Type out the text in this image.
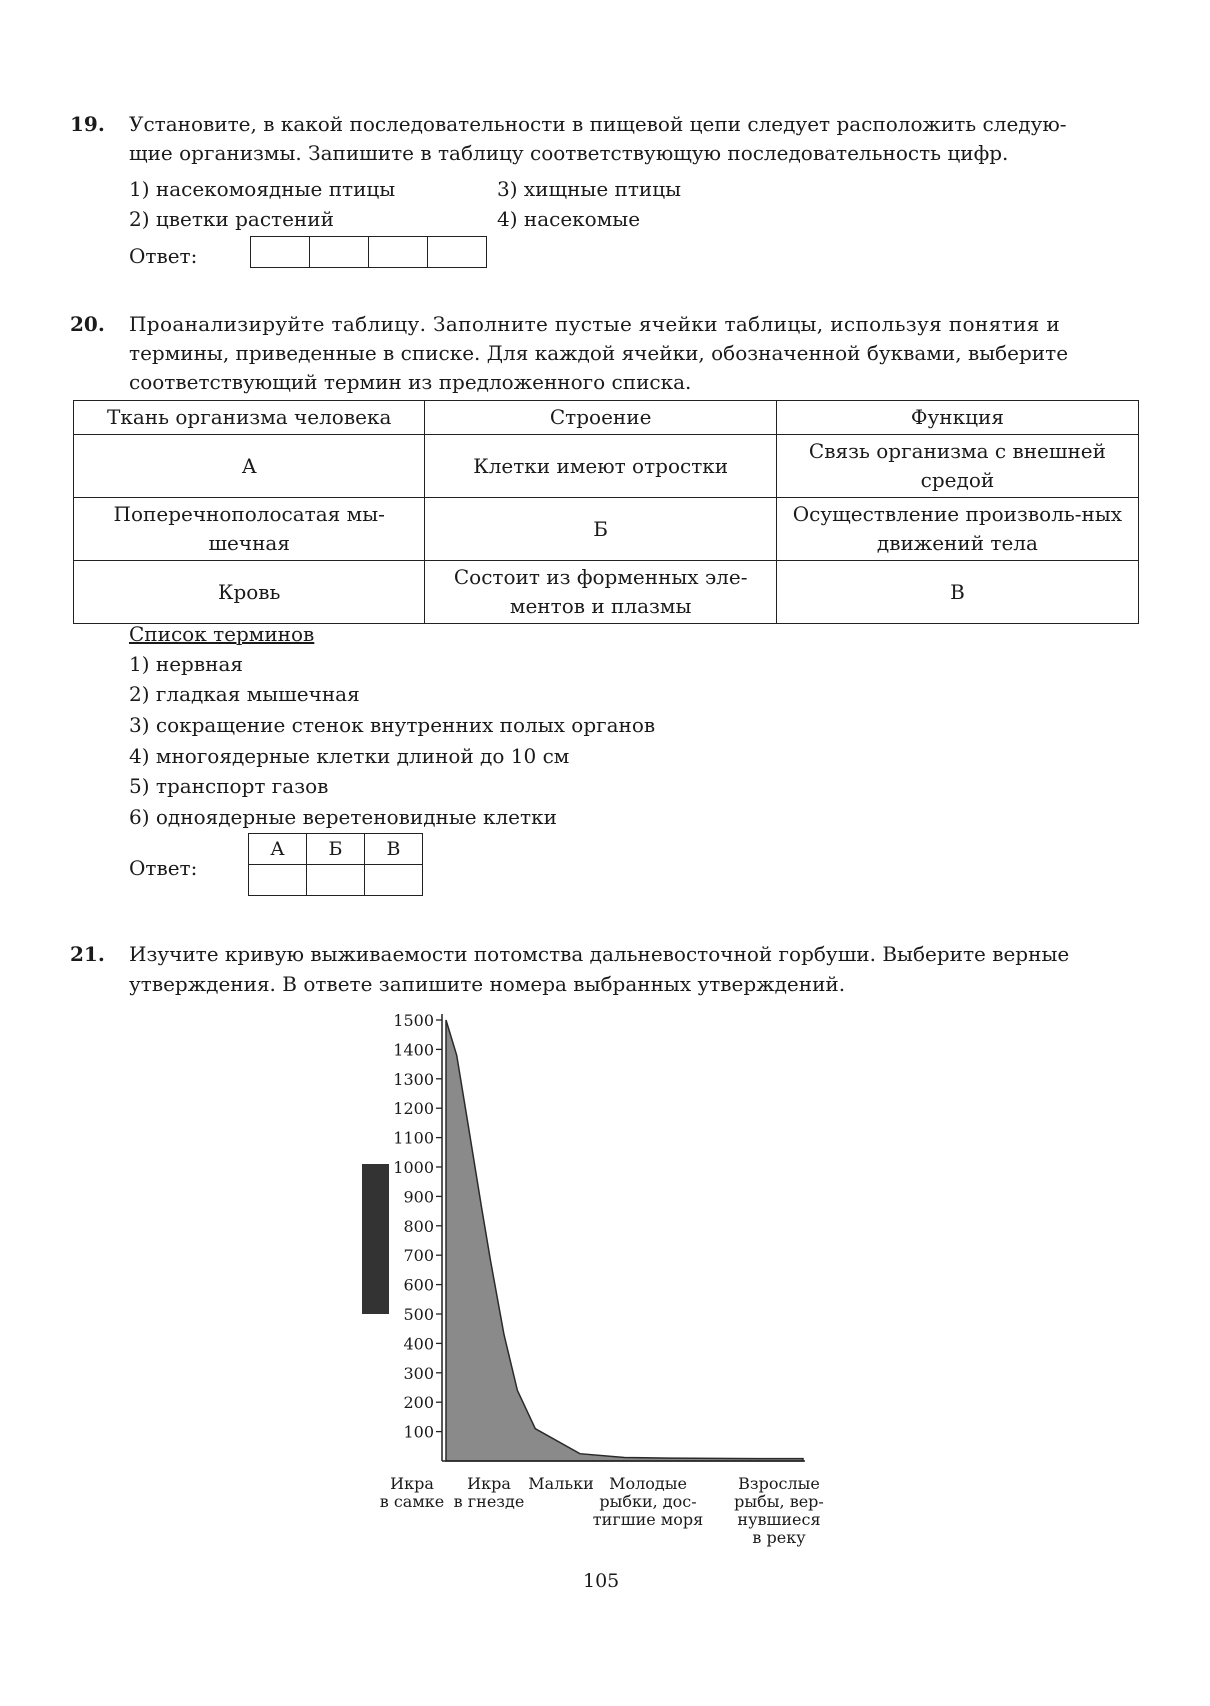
19. Установите, в какой последовательности в пищевой цепи следует расположить следую-
щие организмы. Запишите в таблицу соответствующую последовательность цифр.
1) насекомоядные птицы
2) цветки растений
3) хищные птицы
4) насекомые
Ответ:

20. Проанализируйте таблицу. Заполните пустые ячейки таблицы, используя понятия и
термины, приведенные в списке. Для каждой ячейки, обозначенной буквами, выберите
соответствующий термин из предложенного списка.
Ткань организма человека	Строение	Функция
А	Клетки имеют отростки	Связь организма с внешней средой
Поперечнополосатая мы-шечная	Б	Осуществление произволь-ных движений тела
Кровь	Состоит из форменных эле-ментов и плазмы	В
Список терминов
1) нервная
2) гладкая мышечная
3) сокращение стенок внутренних полых органов
4) многоядерные клетки длиной до 10 см
5) транспорт газов
6) одноядерные веретеновидные клетки
Ответ:
А	Б	В

21. Изучите кривую выживаемости потомства дальневосточной горбуши. Выберите верные
утверждения. В ответе запишите номера выбранных утверждений.
100
200
300
400
500
600
700
800
900
1000
1100
1200
1300
1400
1500
Икра в самке
Икра в гнезде
Мальки Молодые рыбки, дос-тигшие моря
Взрослые рыбы, вер-нувшиеся в реку
105
